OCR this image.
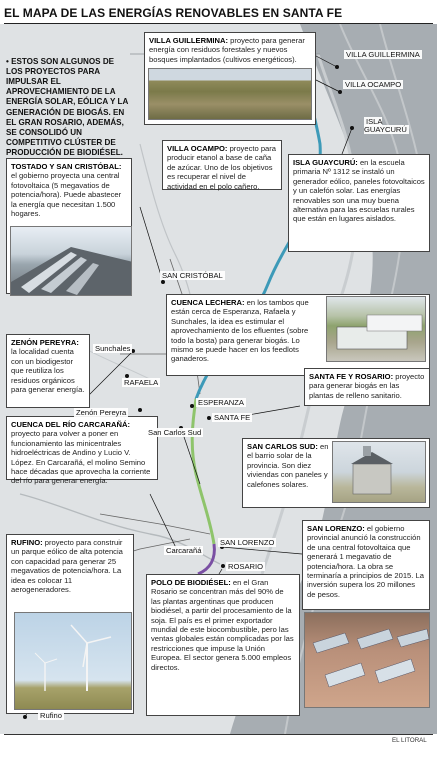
EL MAPA DE LAS ENERGÍAS RENOVABLES EN SANTA FE
• ESTOS SON ALGUNOS DE LOS PROYECTOS PARA IMPULSAR EL APROVECHAMIENTO DE LA ENERGÍA SOLAR, EÓLICA Y LA GENERACIÓN DE BIOGÁS. EN EL GRAN ROSARIO, ADEMÁS, SE CONSOLIDÓ UN COMPETITIVO CLÚSTER DE PRODUCCIÓN DE BIODIÉSEL.
VILLA GUILLERMINA: proyecto para generar energía con residuos forestales y nuevos bosques implantados (cultivos energéticos).
TOSTADO Y SAN CRISTÓBAL: el gobierno proyecta una central fotovoltaica (5 megavatios de potencia/hora). Puede abastecer la energía que necesitan 1.500 hogares.
VILLA OCAMPO: proyecto para producir etanol a base de caña de azúcar. Uno de los objetivos es recuperar el nivel de actividad en el polo cañero.
ISLA GUAYCURÚ: en la escuela primaria Nº 1312 se instaló un generador eólico, paneles fotovoltaicos y un calefón solar. Las energías renovables son una muy buena alternativa para las escuelas rurales que están en lugares aislados.
CUENCA LECHERA: en los tambos que están cerca de Esperanza, Rafaela y Sunchales, la idea es estimular el aprovechamiento de los efluentes (sobre todo la bosta) para generar biogás. Lo mismo se puede hacer en los feedlots ganaderos.
ZENÓN PEREYRA: la localidad cuenta con un biodigestor que reutiliza los residuos orgánicos para generar energía.
SANTA FE Y ROSARIO: proyecto para generar biogás en las plantas de relleno sanitario.
CUENCA DEL RÍO CARCARAÑÁ: proyecto para volver a poner en funcionamiento las minicentrales hidroeléctricas de Andino y Lucio V. López. En Carcarañá, el molino Semino hace décadas que aprovecha la corriente del río para generar energía.
SAN CARLOS SUD: en el barrio solar de la provincia. Son diez viviendas con paneles y calefones solares.
RUFINO: proyecto para construir un parque eólico de alta potencia con capacidad para generar 25 megavatios de potencia/hora. La idea es colocar 11 aerogeneradores.
SAN LORENZO: el gobierno provincial anunció la construcción de una central fotovoltaica que generará 1 megavatio de potencia/hora. La obra se terminaría a principios de 2015. La inversión supera los 20 millones de pesos.
POLO DE BIODIÉSEL: en el Gran Rosario se concentran más del 90% de las plantas argentinas que producen biodiésel, a partir del procesamiento de la soja. El país es el primer exportador mundial de este biocombustible, pero las ventas globales están complicadas por las restricciones que impuse la Unión Europea. El sector genera 5.000 empleos directos.
VILLA GUILLERMINA
VILLA OCAMPO
ISLA GUAYCURÚ
SAN CRISTÓBAL
Sunchales
RAFAELA
ESPERANZA
Zenón Pereyra
San Carlos Sud
SANTA FE
Carcarañá
SAN LORENZO
ROSARIO
Rufino
EL LITORAL
